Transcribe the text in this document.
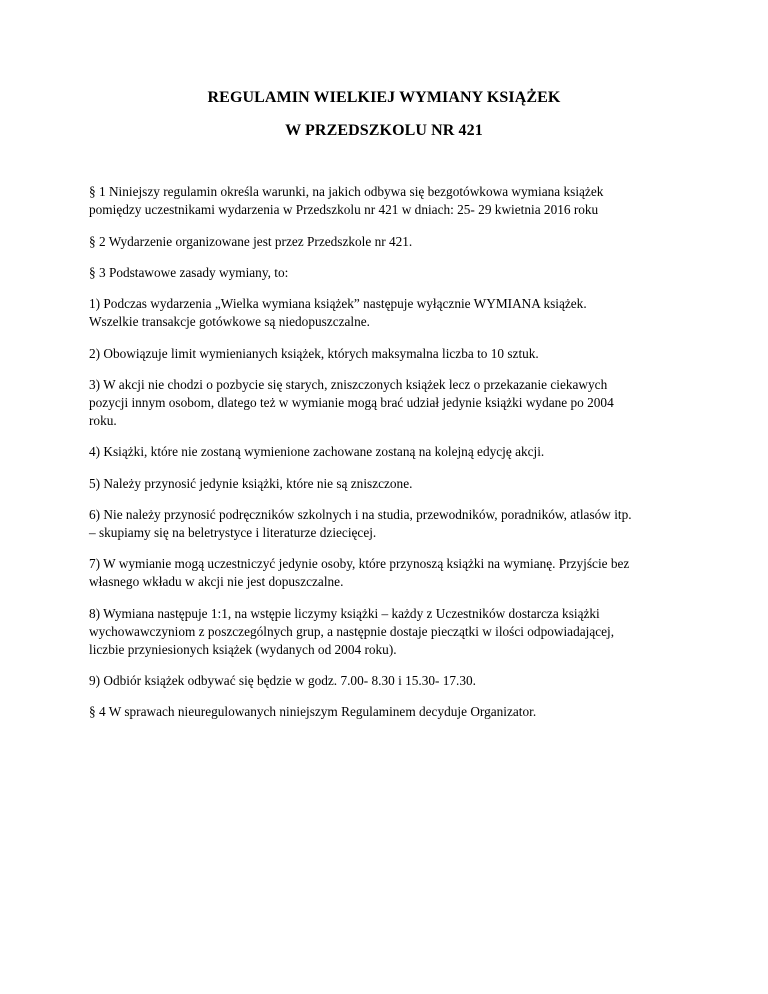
REGULAMIN WIELKIEJ WYMIANY KSIĄŻEK
W PRZEDSZKOLU NR 421

§ 1 Niniejszy regulamin określa warunki, na jakich odbywa się bezgotówkowa wymiana książek
pomiędzy uczestnikami wydarzenia w Przedszkolu nr 421 w dniach: 25- 29 kwietnia 2016 roku

§ 2 Wydarzenie organizowane jest przez Przedszkole nr 421.

§ 3 Podstawowe zasady wymiany, to:

1) Podczas wydarzenia „Wielka wymiana książek” następuje wyłącznie WYMIANA książek.
Wszelkie transakcje gotówkowe są niedopuszczalne.

2) Obowiązuje limit wymienianych książek, których maksymalna liczba to 10 sztuk.

3) W akcji nie chodzi o pozbycie się starych, zniszczonych książek lecz o przekazanie ciekawych
pozycji innym osobom, dlatego też w wymianie mogą brać udział jedynie książki wydane po 2004
roku.

4) Książki, które nie zostaną wymienione zachowane zostaną na kolejną edycję akcji.

5) Należy przynosić jedynie książki, które nie są zniszczone.

6) Nie należy przynosić podręczników szkolnych i na studia, przewodników, poradników, atlasów itp.
– skupiamy się na beletrystyce i literaturze dziecięcej.

7) W wymianie mogą uczestniczyć jedynie osoby, które przynoszą książki na wymianę. Przyjście bez
własnego wkładu w akcji nie jest dopuszczalne.

8) Wymiana następuje 1:1, na wstępie liczymy książki – każdy z Uczestników dostarcza książki
wychowawczyniom z poszczególnych grup, a następnie dostaje pieczątki w ilości odpowiadającej,
liczbie przyniesionych książek (wydanych od 2004 roku).

9) Odbiór książek odbywać się będzie w godz. 7.00- 8.30 i 15.30- 17.30.

§ 4 W sprawach nieuregulowanych niniejszym Regulaminem decyduje Organizator.
